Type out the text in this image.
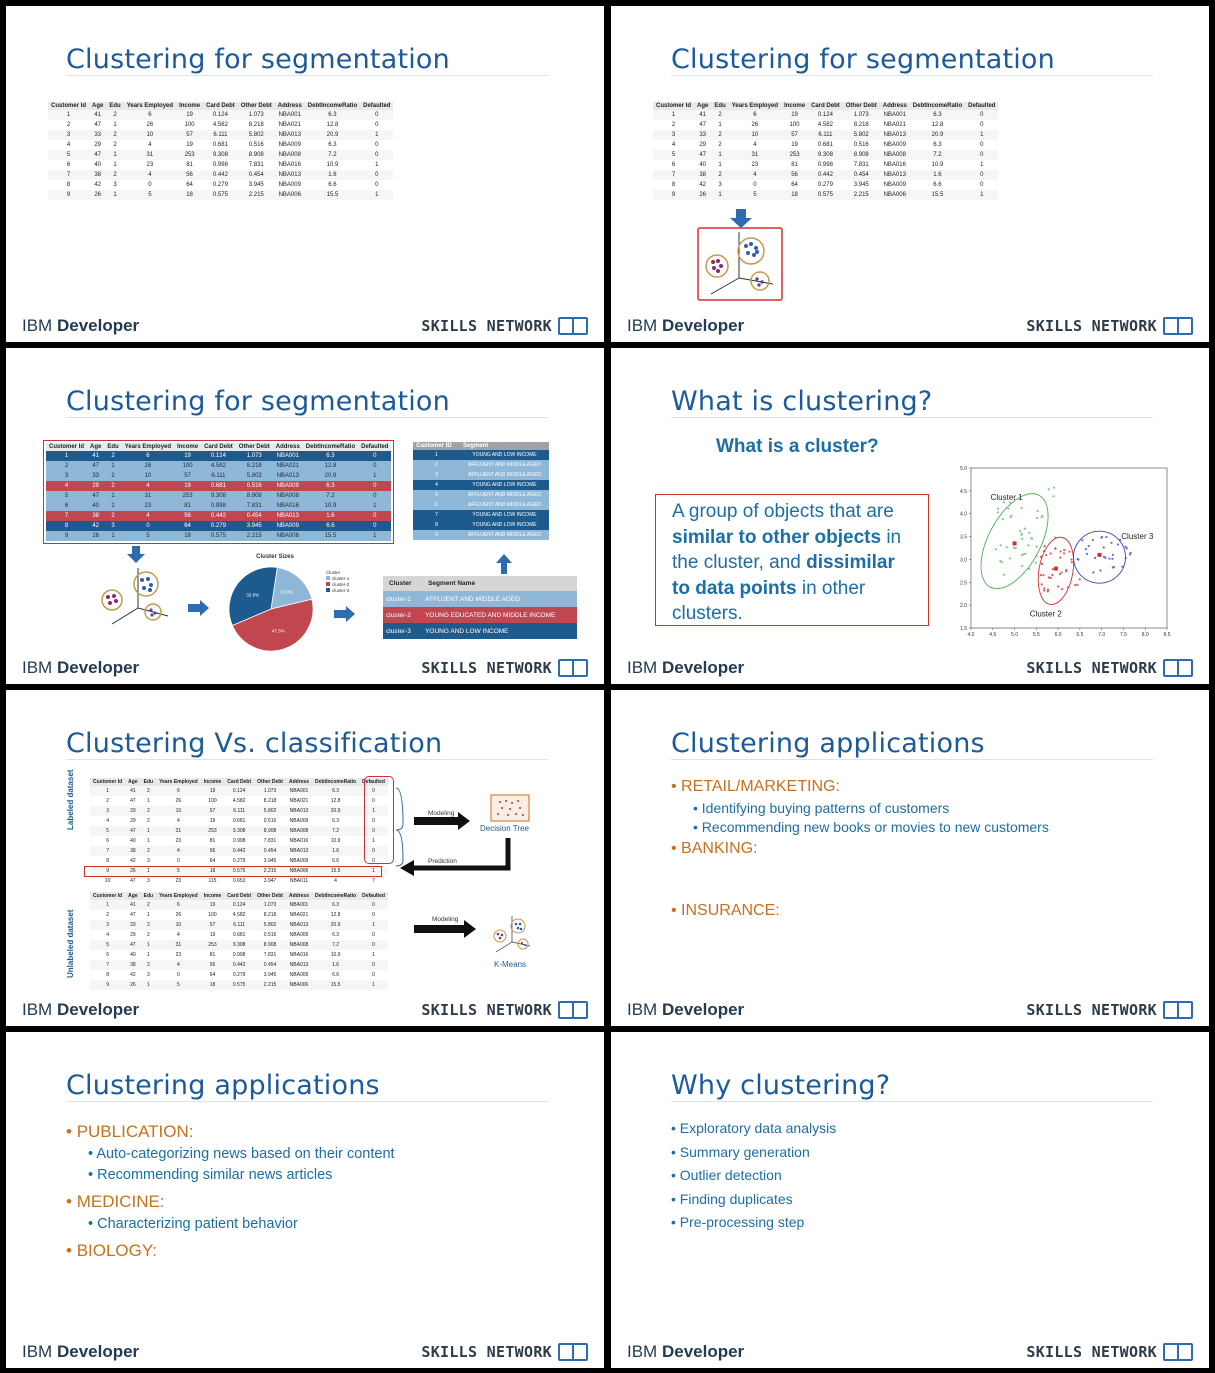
Clustering for segmentation
Customer Id	Age	Edu	Years Employed	Income	Card Debt	Other Debt	Address	DebtIncomeRatio	Defaulted
1	41	2	6	19	0.124	1.073	NBA001	6.3	0
2	47	1	26	100	4.582	8.218	NBA021	12.8	0
3	33	2	10	57	6.111	5.802	NBA013	20.9	1
4	29	2	4	19	0.681	0.516	NBA009	6.3	0
5	47	1	31	253	9.308	8.908	NBA008	7.2	0
6	40	1	23	81	0.998	7.831	NBA016	10.9	1
7	38	2	4	56	0.442	0.454	NBA013	1.6	0
8	42	3	0	64	0.279	3.945	NBA009	6.6	0
9	26	1	5	18	0.575	2.215	NBA006	15.5	1
IBM Developer	SKILLS NETWORK
Clustering for segmentation
Customer Id	Age	Edu	Years Employed	Income	Card Debt	Other Debt	Address	DebtIncomeRatio	Defaulted
1	41	2	6	19	0.124	1.073	NBA001	6.3	0
2	47	1	26	100	4.582	8.218	NBA021	12.8	0
3	33	2	10	57	6.111	5.802	NBA013	20.9	1
4	29	2	4	19	0.681	0.516	NBA009	6.3	0
5	47	1	31	253	9.308	8.908	NBA008	7.2	0
6	40	1	23	81	0.998	7.831	NBA016	10.9	1
7	38	2	4	56	0.442	0.454	NBA013	1.6	0
8	42	3	0	64	0.279	3.945	NBA009	6.6	0
9	26	1	5	18	0.575	2.215	NBA006	15.5	1
IBM Developer	SKILLS NETWORK
Clustering for segmentation
Customer Id	Age	Edu	Years Employed	Income	Card Debt	Other Debt	Address	DebtIncomeRatio	Defaulted
1	41	2	6	19	0.124	1.073	NBA001	6.3	0
2	47	1	26	100	4.582	8.218	NBA021	12.8	0
3	33	2	10	57	6.111	5.802	NBA013	20.9	1
4	29	2	4	19	0.681	0.516	NBA009	6.3	0
5	47	1	31	253	9.308	8.908	NBA008	7.2	0
6	40	1	23	81	0.998	7.831	NBA016	10.9	1
7	38	2	4	56	0.442	0.454	NBA013	1.6	0
8	42	3	0	64	0.279	3.945	NBA009	6.6	0
9	26	1	5	18	0.575	2.215	NBA006	15.5	1
Customer ID	Segment
1	YOUNG AND LOW INCOME
2	AFFLUENT AND MIDDLE AGED
3	AFFLUENT AND MIDDLE AGED
4	YOUNG AND LOW INCOME
5	AFFLUENT AND MIDDLE AGED
6	AFFLUENT AND MIDDLE AGED
7	YOUNG AND LOW INCOME
8	YOUNG AND LOW INCOME
9	AFFLUENT AND MIDDLE AGED
Cluster Sizes
18.9%
47.3%
33.8%
Cluster
cluster-1
cluster-2
cluster-3
Cluster	Segment Name
cluster-1	AFFLUENT AND MIDDLE AGED
cluster-2	YOUNG EDUCATED AND MIDDLE INCOME
cluster-3	YOUNG AND LOW INCOME
IBM Developer	SKILLS NETWORK
What is clustering?
What is a cluster?
A group of objects that are
similar to other objects in
the cluster, and dissimilar
to data points in other
clusters.
4.0	4.5	5.0	5.5	6.0	6.5	7.0	7.5	8.0	8.5
1.5
2.0
2.5
3.0
3.5
4.0
4.5
5.0
Cluster 1
Cluster 2
Cluster 3
IBM Developer	SKILLS NETWORK
Clustering Vs. classification
Labeled dataset	Customer Id	Age	Edu	Years Employed	Income	Card Debt	Other Debt	Address	DebtIncomeRatio	Defaulted
1	41	2	6	19	0.124	1.073	NBA001	6.3	0
2	47	1	26	100	4.582	8.218	NBA021	12.8	0
3	33	2	10	57	6.111	5.802	NBA013	20.9	1
4	29	2	4	19	0.681	0.516	NBA009	6.3	0
5	47	1	31	253	9.308	8.908	NBA008	7.2	0
6	40	1	23	81	0.998	7.831	NBA016	10.9	1
7	38	2	4	56	0.442	0.454	NBA013	1.6	0
8	42	3	0	64	0.279	3.945	NBA009	6.6	0
9	26	1	5	18	0.575	2.215	NBA006	15.5	1
10	47	3	23	115	0.653	3.947	NBA011	4	?
Modeling
Decision Tree
Prediction
Unlabeled dataset
Customer Id	Age	Edu	Years Employed	Income	Card Debt	Other Debt	Address	DebtIncomeRatio	Defaulted
1	41	2	6	19	0.124	1.073	NBA001	6.3	0
2	47	1	26	100	4.582	8.218	NBA021	12.8	0
3	33	2	10	57	6.111	5.802	NBA013	20.9	1
4	29	2	4	19	0.681	0.516	NBA009	6.3	0
5	47	1	31	253	9.308	8.908	NBA008	7.2	0
6	40	1	23	81	0.998	7.831	NBA016	10.9	1
7	38	2	4	56	0.442	0.454	NBA013	1.6	0
8	42	3	0	64	0.279	3.945	NBA009	6.6	0
9	26	1	5	18	0.575	2.215	NBA006	15.5	1
Modeling
K-Means
IBM Developer	SKILLS NETWORK
Clustering applications
• RETAIL/MARKETING:
• Identifying buying patterns of customers
• Recommending new books or movies to new customers
• BANKING:
• INSURANCE:
IBM Developer	SKILLS NETWORK
Clustering applications
• PUBLICATION:
• Auto-categorizing news based on their content
• Recommending similar news articles
• MEDICINE:
• Characterizing patient behavior
• BIOLOGY:
IBM Developer	SKILLS NETWORK
Why clustering?
• Exploratory data analysis
• Summary generation
• Outlier detection
• Finding duplicates
• Pre-processing step
IBM Developer	SKILLS NETWORK
